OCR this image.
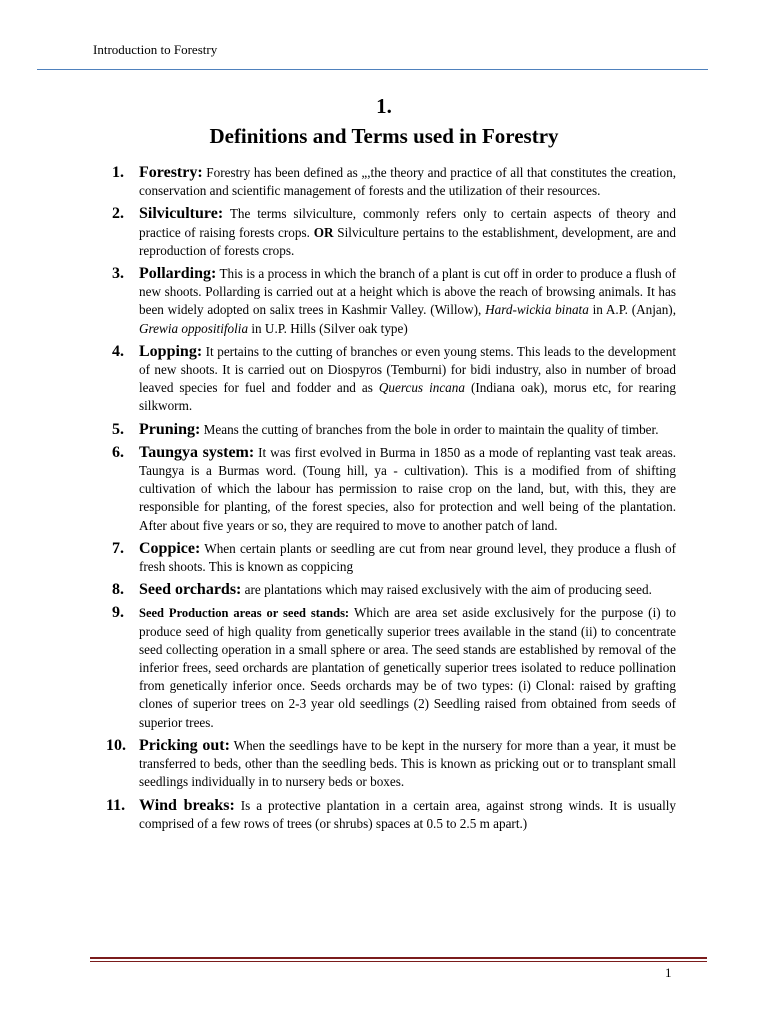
Introduction to Forestry
1.
Definitions and Terms used in Forestry
1. Forestry: Forestry has been defined as „,the theory and practice of all that constitutes the creation, conservation and scientific management of forests and the utilization of their resources.
2. Silviculture: The terms silviculture, commonly refers only to certain aspects of theory and practice of raising forests crops. OR Silviculture pertains to the establishment, development, are and reproduction of forests crops.
3. Pollarding: This is a process in which the branch of a plant is cut off in order to produce a flush of new shoots. Pollarding is carried out at a height which is above the reach of browsing animals. It has been widely adopted on salix trees in Kashmir Valley. (Willow), Hard-wickia binata in A.P. (Anjan), Grewia oppositifolia in U.P. Hills (Silver oak type)
4. Lopping: It pertains to the cutting of branches or even young stems. This leads to the development of new shoots. It is carried out on Diospyros (Temburni) for bidi industry, also in number of broad leaved species for fuel and fodder and as Quercus incana (Indiana oak), morus etc, for rearing silkworm.
5. Pruning: Means the cutting of branches from the bole in order to maintain the quality of timber.
6. Taungya system: It was first evolved in Burma in 1850 as a mode of replanting vast teak areas. Taungya is a Burmas word. (Toung hill, ya - cultivation). This is a modified from of shifting cultivation of which the labour has permission to raise crop on the land, but, with this, they are responsible for planting, of the forest species, also for protection and well being of the plantation. After about five years or so, they are required to move to another patch of land.
7. Coppice: When certain plants or seedling are cut from near ground level, they produce a flush of fresh shoots. This is known as coppicing
8. Seed orchards: are plantations which may raised exclusively with the aim of producing seed.
9. Seed Production areas or seed stands: Which are area set aside exclusively for the purpose (i) to produce seed of high quality from genetically superior trees available in the stand (ii) to concentrate seed collecting operation in a small sphere or area. The seed stands are established by removal of the inferior frees, seed orchards are plantation of genetically superior trees isolated to reduce pollination from genetically inferior once. Seeds orchards may be of two types: (i) Clonal: raised by grafting clones of superior trees on 2-3 year old seedlings (2) Seedling raised from obtained from seeds of superior trees.
10. Pricking out: When the seedlings have to be kept in the nursery for more than a year, it must be transferred to beds, other than the seedling beds. This is known as pricking out or to transplant small seedlings individually in to nursery beds or boxes.
11. Wind breaks: Is a protective plantation in a certain area, against strong winds. It is usually comprised of a few rows of trees (or shrubs) spaces at 0.5 to 2.5 m apart.)
1
